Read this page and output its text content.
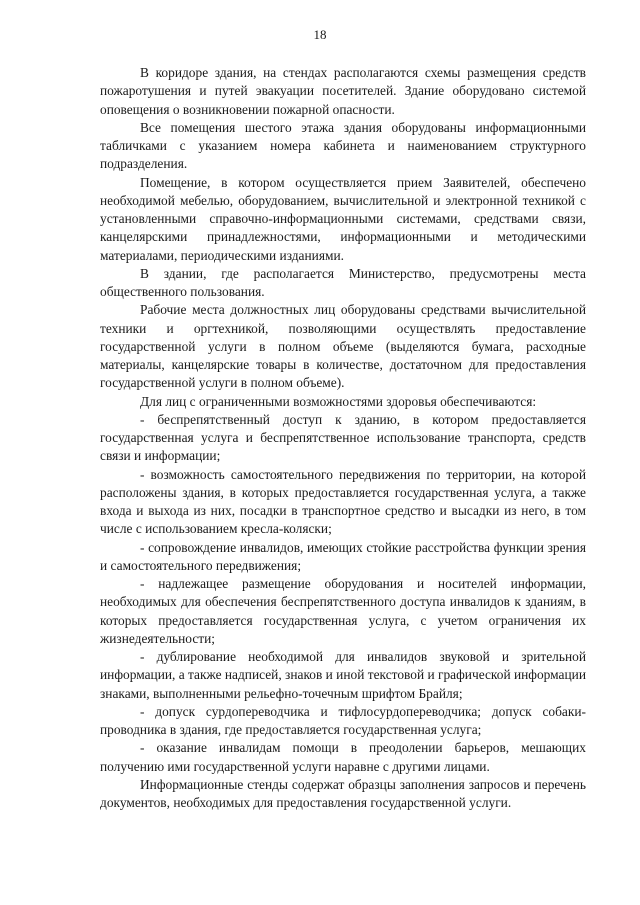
18

В коридоре здания, на стендах располагаются схемы размещения средств пожаротушения и путей эвакуации посетителей. Здание оборудовано системой оповещения о возникновении пожарной опасности.

Все помещения шестого этажа здания оборудованы информационными табличками с указанием номера кабинета и наименованием структурного подразделения.

Помещение, в котором осуществляется прием Заявителей, обеспечено необходимой мебелью, оборудованием, вычислительной и электронной техникой с установленными справочно-информационными системами, средствами связи, канцелярскими принадлежностями, информационными и методическими материалами, периодическими изданиями.

В здании, где располагается Министерство, предусмотрены места общественного пользования.

Рабочие места должностных лиц оборудованы средствами вычислительной техники и оргтехникой, позволяющими осуществлять предоставление государственной услуги в полном объеме (выделяются бумага, расходные материалы, канцелярские товары в количестве, достаточном для предоставления государственной услуги в полном объеме).

Для лиц с ограниченными возможностями здоровья обеспечиваются:

- беспрепятственный доступ к зданию, в котором предоставляется государственная услуга и беспрепятственное использование транспорта, средств связи и информации;

- возможность самостоятельного передвижения по территории, на которой расположены здания, в которых предоставляется государственная услуга, а также входа и выхода из них, посадки в транспортное средство и высадки из него, в том числе с использованием кресла-коляски;

- сопровождение инвалидов, имеющих стойкие расстройства функции зрения и самостоятельного передвижения;

- надлежащее размещение оборудования и носителей информации, необходимых для обеспечения беспрепятственного доступа инвалидов к зданиям, в которых предоставляется государственная услуга, с учетом ограничения их жизнедеятельности;

- дублирование необходимой для инвалидов звуковой и зрительной информации, а также надписей, знаков и иной текстовой и графической информации знаками, выполненными рельефно-точечным шрифтом Брайля;

- допуск сурдопереводчика и тифлосурдопереводчика; допуск собаки-проводника в здания, где предоставляется государственная услуга;

- оказание инвалидам помощи в преодолении барьеров, мешающих получению ими государственной услуги наравне с другими лицами.

Информационные стенды содержат образцы заполнения запросов и перечень документов, необходимых для предоставления государственной услуги.
